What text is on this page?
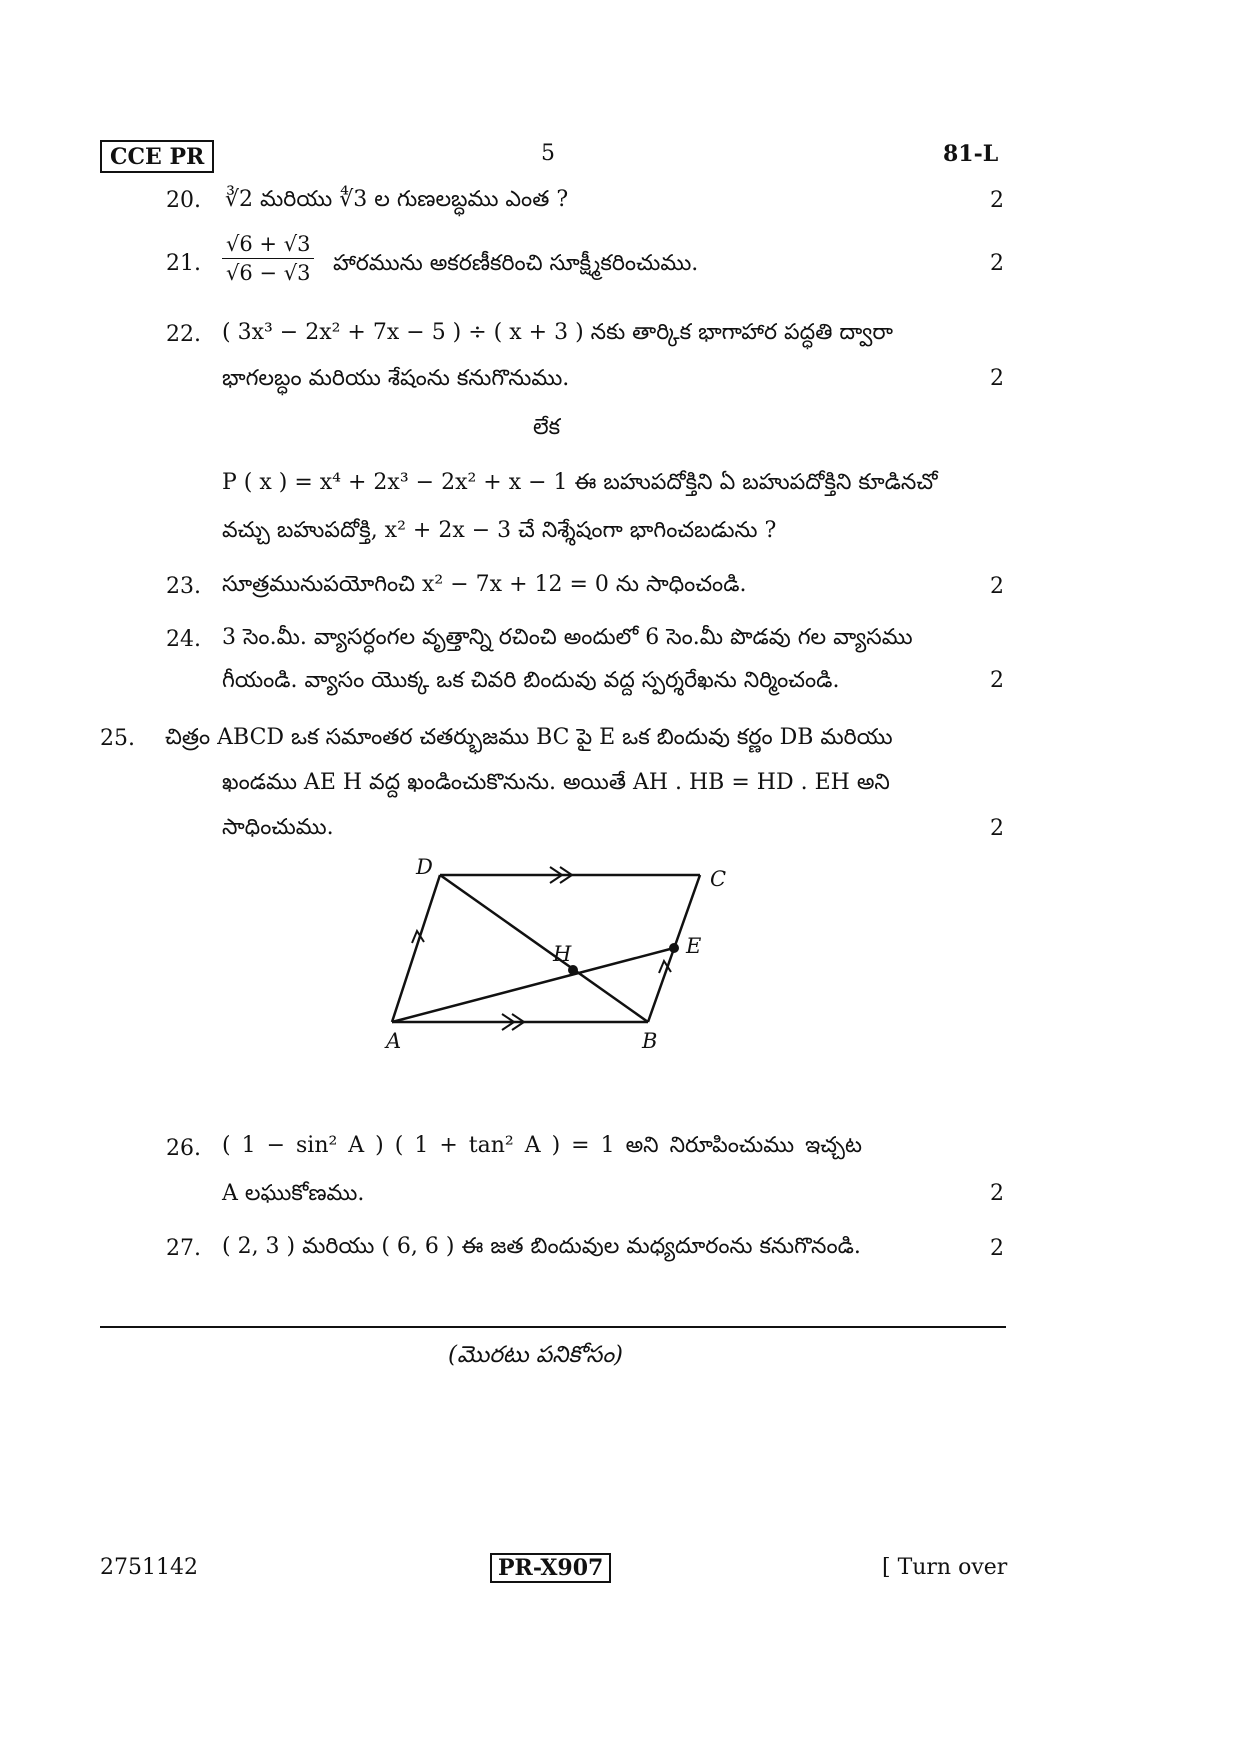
CCE PR	5	81-L
20. ∛2 మరియు ∜3 ల గుణలబ్ధము ఎంత ?	2
21. $\frac{√6 + √3}{√6 - √3}$ హారమును అకరణీకరించి సూక్ష్మీకరించుము.	2
22. ( 3x³ − 2x² + 7x − 5 ) ÷ ( x + 3 ) నకు తార్కిక భాగాహార పద్ధతి ద్వారా
భాగలబ్ధం మరియు శేషంను కనుగొనుము.	2
లేక
P ( x ) = x⁴ + 2x³ − 2x² + x − 1 ఈ బహుపదోక్తిని ఏ బహుపదోక్తిని కూడినచో
వచ్చు బహుపదోక్తి, x² + 2x − 3 చే నిశ్శేషంగా భాగించబడును ?
23. సూత్రమునుపయోగించి x² − 7x + 12 = 0 ను సాధించండి.	2
24. 3 సెం.మీ. వ్యాసర్ధంగల వృత్తాన్ని రచించి అందులో 6 సెం.మీ పొడవు గల వ్యాసము
గీయండి. వ్యాసం యొక్క ఒక చివరి బిందువు వద్ద స్పర్శరేఖను నిర్మించండి.	2
25. చిత్రం ABCD ఒక సమాంతర చతర్భుజము BC పై E ఒక బిందువు కర్ణం DB మరియు
ఖండము AE H వద్ద ఖండించుకొనును. అయితే AH . HB = HD . EH అని
సాధించుము.	2
D	C
E
H
A	B
26. ( 1 − sin² A ) ( 1 + tan² A ) = 1 అని నిరూపించుము ఇచ్చట
A లఘుకోణము.	2
27. ( 2, 3 ) మరియు ( 6, 6 ) ఈ జత బిందువుల మధ్యదూరంను కనుగొనండి.	2
(మొరటు పనికోసం)
2751142	PR-X907	[ Turn over
